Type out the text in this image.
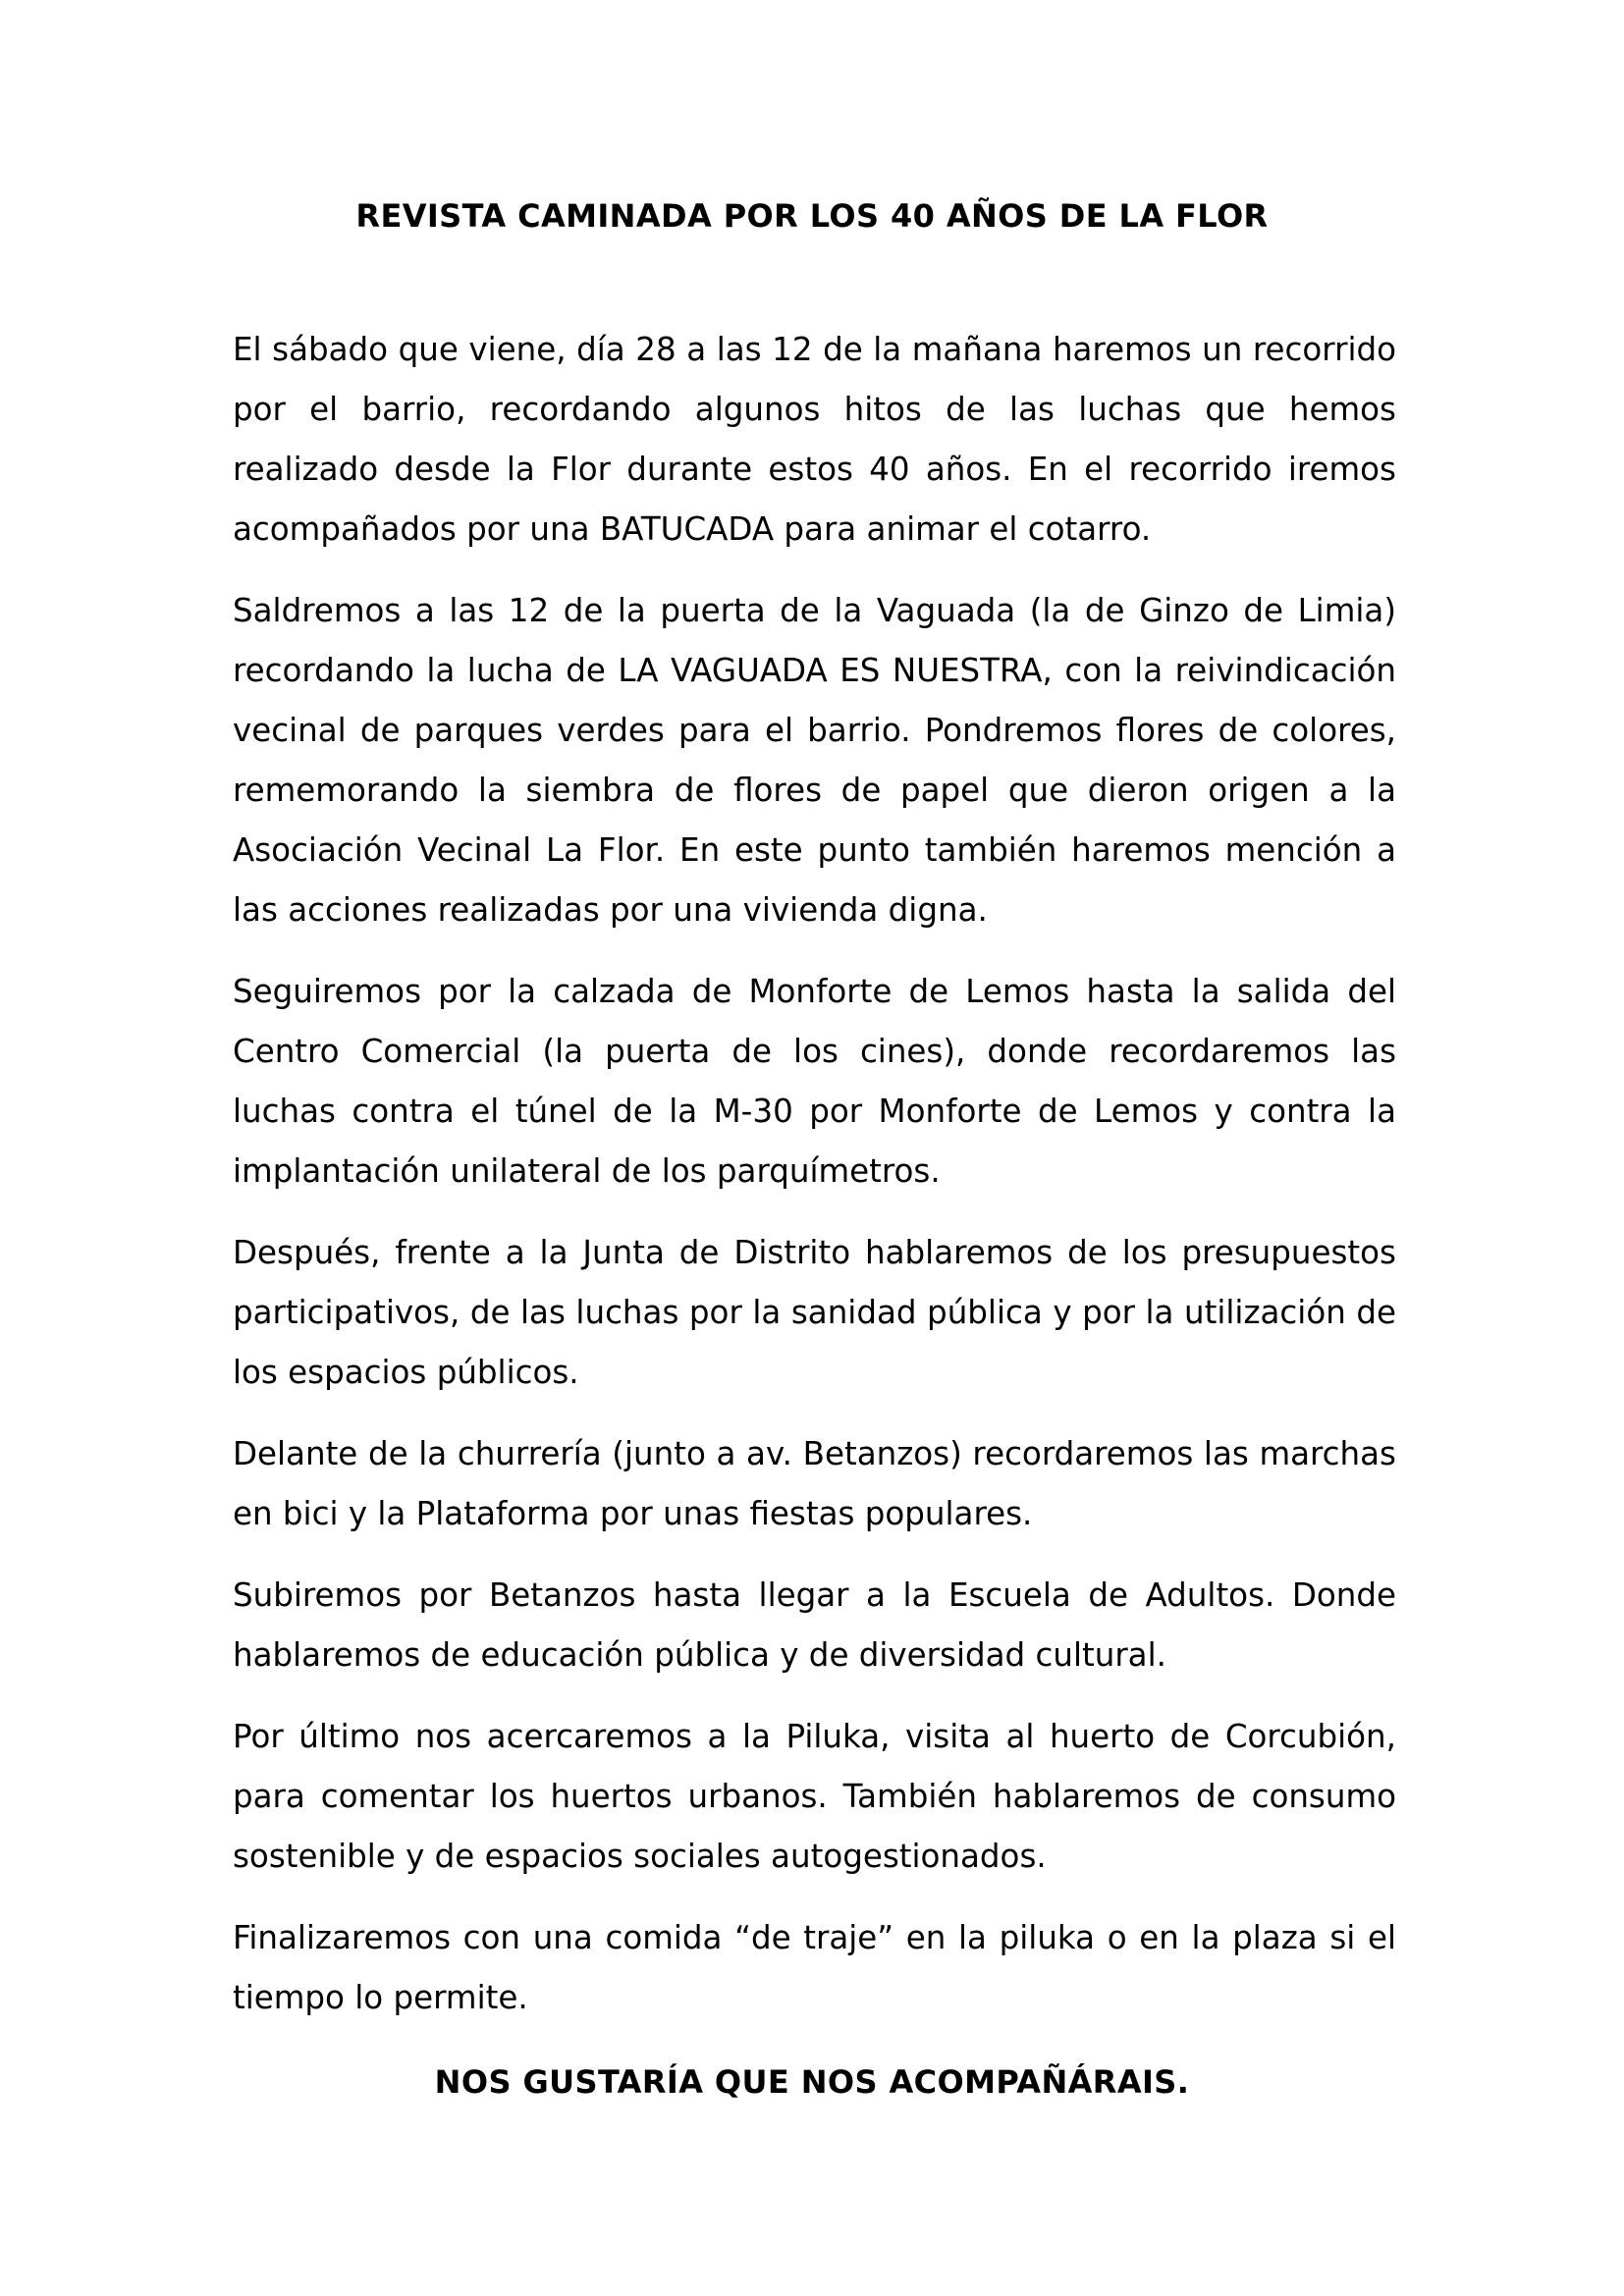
REVISTA CAMINADA POR LOS 40 AÑOS DE LA FLOR

El sábado que viene, día 28 a las 12 de la mañana haremos un recorrido por el barrio, recordando algunos hitos de las luchas que hemos realizado desde la Flor durante estos 40 años. En el recorrido iremos acompañados por una BATUCADA para animar el cotarro.

Saldremos a las 12 de la puerta de la Vaguada (la de Ginzo de Limia) recordando la lucha de LA VAGUADA ES NUESTRA, con la reivindicación vecinal de parques verdes para el barrio. Pondremos flores de colores, rememorando la siembra de flores de papel que dieron origen a la Asociación Vecinal La Flor. En este punto también haremos mención a las acciones realizadas por una vivienda digna.

Seguiremos por la calzada de Monforte de Lemos hasta la salida del Centro Comercial (la puerta de los cines), donde recordaremos las luchas contra el túnel de la M-30 por Monforte de Lemos y contra la implantación unilateral de los parquímetros.

Después, frente a la Junta de Distrito hablaremos de los presupuestos participativos, de las luchas por la sanidad pública y por la utilización de los espacios públicos.

Delante de la churrería (junto a av. Betanzos) recordaremos las marchas en bici y la Plataforma por unas fiestas populares.

Subiremos por Betanzos hasta llegar a la Escuela de Adultos. Donde hablaremos de educación pública y de diversidad cultural.

Por último nos acercaremos a la Piluka, visita al huerto de Corcubión, para comentar los huertos urbanos. También hablaremos de consumo sostenible y de espacios sociales autogestionados.

Finalizaremos con una comida “de traje” en la piluka o en la plaza si el tiempo lo permite.

NOS GUSTARÍA QUE NOS ACOMPAÑÁRAIS.
